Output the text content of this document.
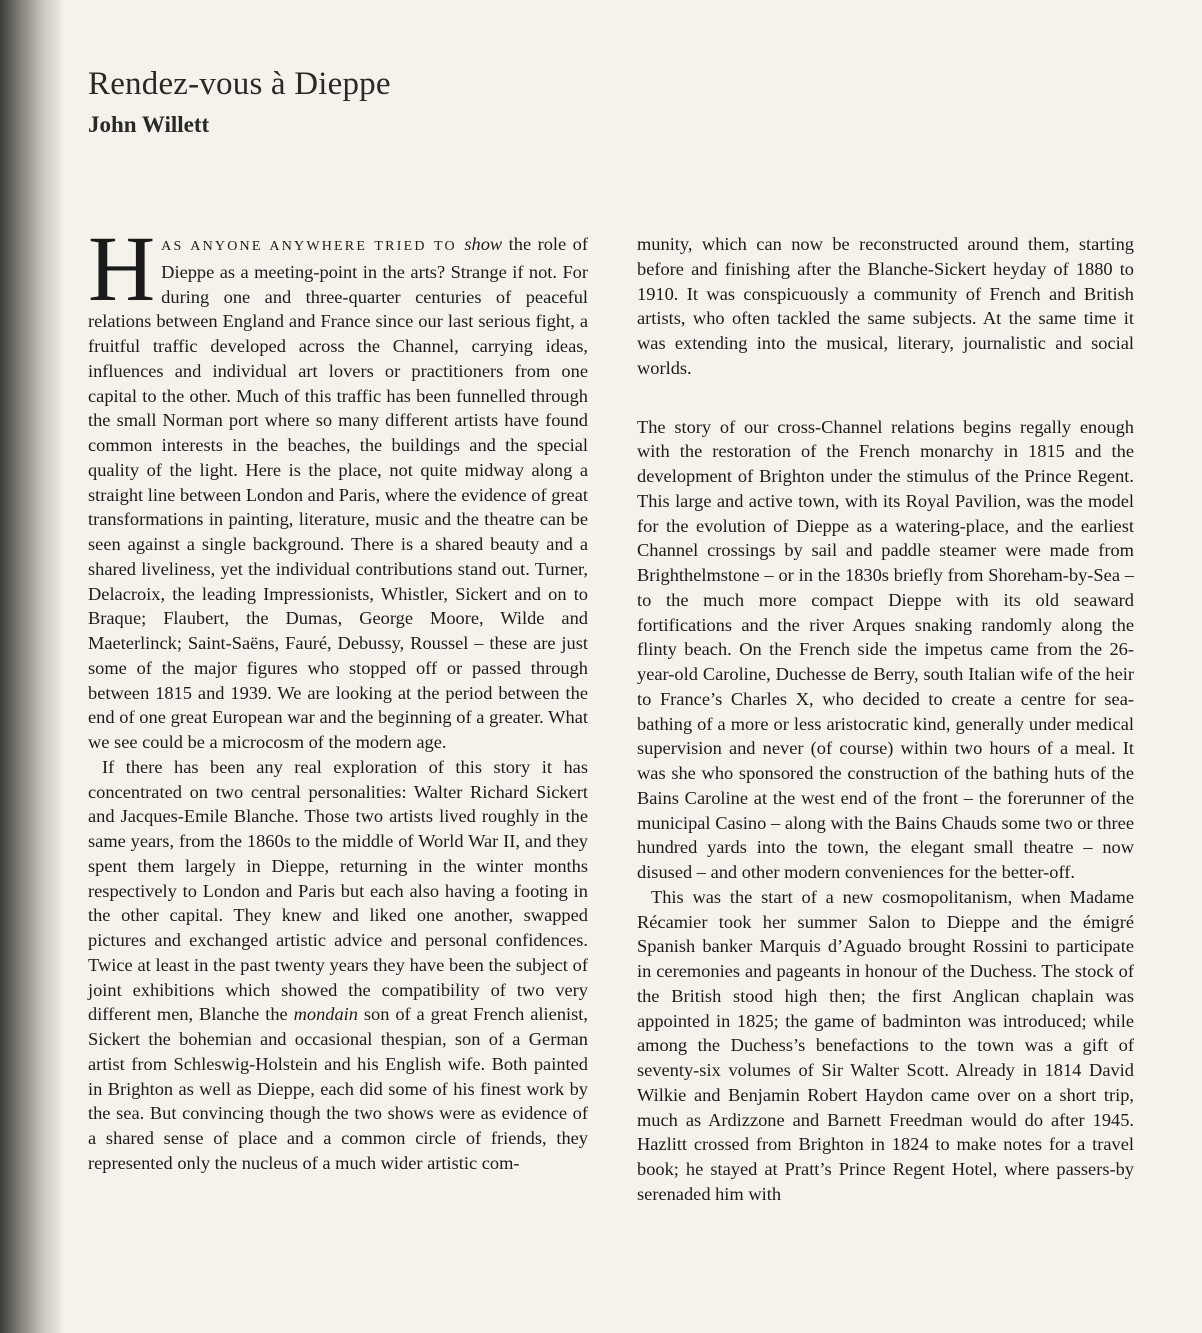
Rendez-vous à Dieppe
John Willett

HAS ANYONE ANYWHERE TRIED TO show the role of Dieppe as a meeting-point in the arts? Strange if not. For during one and three-quarter centuries of peaceful relations between England and France since our last serious fight, a fruitful traffic developed across the Channel, carrying ideas, influences and individual art lovers or practitioners from one capital to the other. Much of this traffic has been funnelled through the small Norman port where so many different artists have found common interests in the beaches, the buildings and the special quality of the light. Here is the place, not quite midway along a straight line between London and Paris, where the evidence of great transformations in painting, literature, music and the theatre can be seen against a single background. There is a shared beauty and a shared liveliness, yet the individual contributions stand out. Turner, Delacroix, the leading Impressionists, Whistler, Sickert and on to Braque; Flaubert, the Dumas, George Moore, Wilde and Maeterlinck; Saint-Saëns, Fauré, Debussy, Roussel – these are just some of the major figures who stopped off or passed through between 1815 and 1939. We are looking at the period between the end of one great European war and the beginning of a greater. What we see could be a microcosm of the modern age.

If there has been any real exploration of this story it has concentrated on two central personalities: Walter Richard Sickert and Jacques-Emile Blanche. Those two artists lived roughly in the same years, from the 1860s to the middle of World War II, and they spent them largely in Dieppe, returning in the winter months respectively to London and Paris but each also having a footing in the other capital. They knew and liked one another, swapped pictures and exchanged artistic advice and personal confidences. Twice at least in the past twenty years they have been the subject of joint exhibitions which showed the compatibility of two very different men, Blanche the mondain son of a great French alienist, Sickert the bohemian and occasional thespian, son of a German artist from Schleswig-Holstein and his English wife. Both painted in Brighton as well as Dieppe, each did some of his finest work by the sea. But convincing though the two shows were as evidence of a shared sense of place and a common circle of friends, they represented only the nucleus of a much wider artistic com-

munity, which can now be reconstructed around them, starting before and finishing after the Blanche-Sickert heyday of 1880 to 1910. It was conspicuously a community of French and British artists, who often tackled the same subjects. At the same time it was extending into the musical, literary, journalistic and social worlds.

The story of our cross-Channel relations begins regally enough with the restoration of the French monarchy in 1815 and the development of Brighton under the stimulus of the Prince Regent. This large and active town, with its Royal Pavilion, was the model for the evolution of Dieppe as a watering-place, and the earliest Channel crossings by sail and paddle steamer were made from Brighthelmstone – or in the 1830s briefly from Shoreham-by-Sea – to the much more compact Dieppe with its old seaward fortifications and the river Arques snaking randomly along the flinty beach. On the French side the impetus came from the 26-year-old Caroline, Duchesse de Berry, south Italian wife of the heir to France’s Charles X, who decided to create a centre for sea-bathing of a more or less aristocratic kind, generally under medical supervision and never (of course) within two hours of a meal. It was she who sponsored the construction of the bathing huts of the Bains Caroline at the west end of the front – the forerunner of the municipal Casino – along with the Bains Chauds some two or three hundred yards into the town, the elegant small theatre – now disused – and other modern conveniences for the better-off.

This was the start of a new cosmopolitanism, when Madame Récamier took her summer Salon to Dieppe and the émigré Spanish banker Marquis d’Aguado brought Rossini to participate in ceremonies and pageants in honour of the Duchess. The stock of the British stood high then; the first Anglican chaplain was appointed in 1825; the game of badminton was introduced; while among the Duchess’s benefactions to the town was a gift of seventy-six volumes of Sir Walter Scott. Already in 1814 David Wilkie and Benjamin Robert Haydon came over on a short trip, much as Ardizzone and Barnett Freedman would do after 1945. Hazlitt crossed from Brighton in 1824 to make notes for a travel book; he stayed at Pratt’s Prince Regent Hotel, where passers-by serenaded him with
